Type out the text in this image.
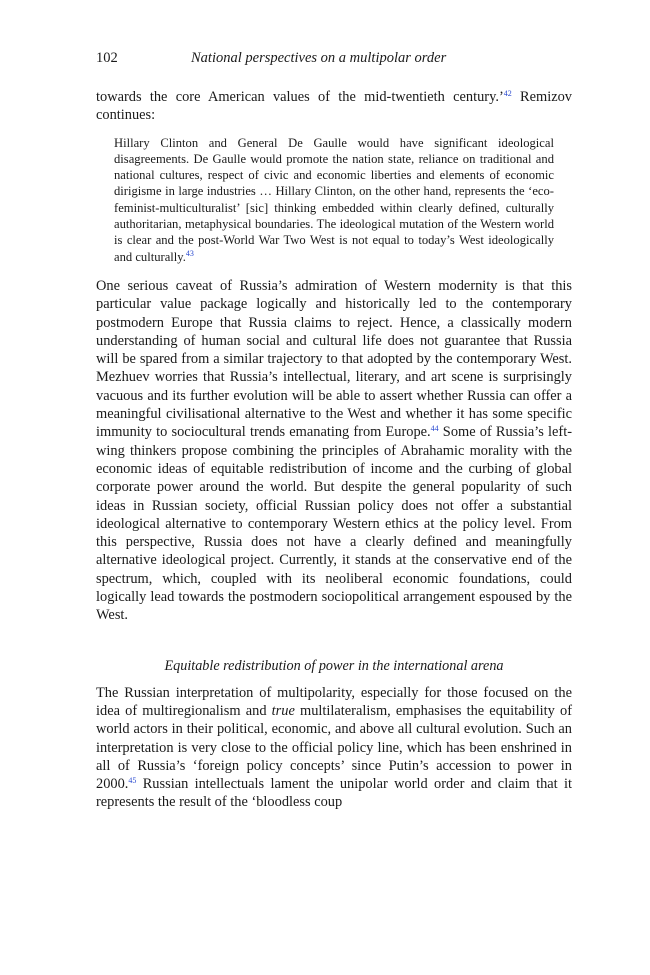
102	National perspectives on a multipolar order

towards the core American values of the mid-twentieth century.’$^{42}$ Remizov continues:

Hillary Clinton and General De Gaulle would have significant ideological disagreements. De Gaulle would promote the nation state, reliance on traditional and national cultures, respect of civic and economic liberties and elements of economic dirigisme in large industries … Hillary Clinton, on the other hand, represents the ‘eco-feminist-multiculturalist’ [sic] thinking embedded within clearly defined, culturally authoritarian, metaphysical boundaries. The ideological mutation of the Western world is clear and the post-World War Two West is not equal to today’s West ideologically and culturally.$^{43}$

One serious caveat of Russia’s admiration of Western modernity is that this particular value package logically and historically led to the contemporary postmodern Europe that Russia claims to reject. Hence, a classically modern understanding of human social and cultural life does not guarantee that Russia will be spared from a similar trajectory to that adopted by the contemporary West. Mezhuev worries that Russia’s intellectual, literary, and art scene is surprisingly vacuous and its further evolution will be able to assert whether Russia can offer a meaningful civilisational alternative to the West and whether it has some specific immunity to sociocultural trends emanating from Europe.$^{44}$ Some of Russia’s left-wing thinkers propose combining the principles of Abrahamic morality with the economic ideas of equitable redistribution of income and the curbing of global corporate power around the world. But despite the general popularity of such ideas in Russian society, official Russian policy does not offer a substantial ideological alternative to contemporary Western ethics at the policy level. From this perspective, Russia does not have a clearly defined and meaningfully alternative ideological project. Currently, it stands at the conservative end of the spectrum, which, coupled with its neoliberal economic foundations, could logically lead towards the postmodern sociopolitical arrangement espoused by the West.

Equitable redistribution of power in the international arena

The Russian interpretation of multipolarity, especially for those focused on the idea of multiregionalism and true multilateralism, emphasises the equitability of world actors in their political, economic, and above all cultural evolution. Such an interpretation is very close to the official policy line, which has been enshrined in all of Russia’s ‘foreign policy concepts’ since Putin’s accession to power in 2000.45 Russian intellectuals lament the unipolar world order and claim that it represents the result of the ‘bloodless coup
